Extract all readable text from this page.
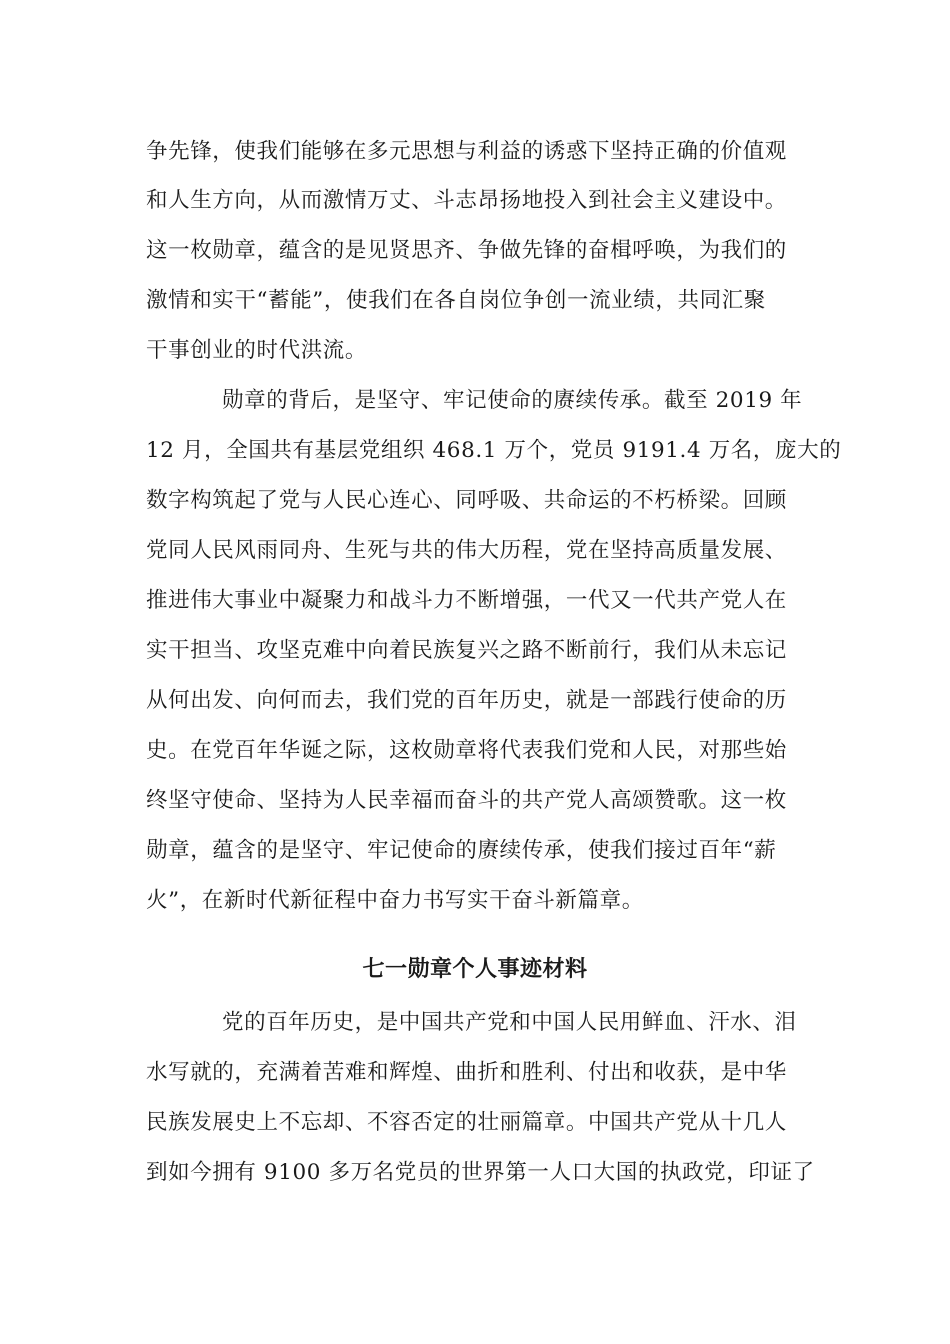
争先锋，使我们能够在多元思想与利益的诱惑下坚持正确的价值观
和人生方向，从而激情万丈、斗志昂扬地投入到社会主义建设中。
这一枚勋章，蕴含的是见贤思齐、争做先锋的奋楫呼唤，为我们的
激情和实干“蓄能”，使我们在各自岗位争创一流业绩，共同汇聚
干事创业的时代洪流。
勋章的背后，是坚守、牢记使命的赓续传承。截至 2019 年
12 月，全国共有基层党组织 468.1 万个，党员 9191.4 万名，庞大的
数字构筑起了党与人民心连心、同呼吸、共命运的不朽桥梁。回顾
党同人民风雨同舟、生死与共的伟大历程，党在坚持高质量发展、
推进伟大事业中凝聚力和战斗力不断增强，一代又一代共产党人在
实干担当、攻坚克难中向着民族复兴之路不断前行，我们从未忘记
从何出发、向何而去，我们党的百年历史，就是一部践行使命的历
史。在党百年华诞之际，这枚勋章将代表我们党和人民，对那些始
终坚守使命、坚持为人民幸福而奋斗的共产党人高颂赞歌。这一枚
勋章，蕴含的是坚守、牢记使命的赓续传承，使我们接过百年“薪
火”，在新时代新征程中奋力书写实干奋斗新篇章。
七一勋章个人事迹材料
党的百年历史，是中国共产党和中国人民用鲜血、汗水、泪
水写就的，充满着苦难和辉煌、曲折和胜利、付出和收获，是中华
民族发展史上不忘却、不容否定的壮丽篇章。中国共产党从十几人
到如今拥有 9100 多万名党员的世界第一人口大国的执政党，印证了
